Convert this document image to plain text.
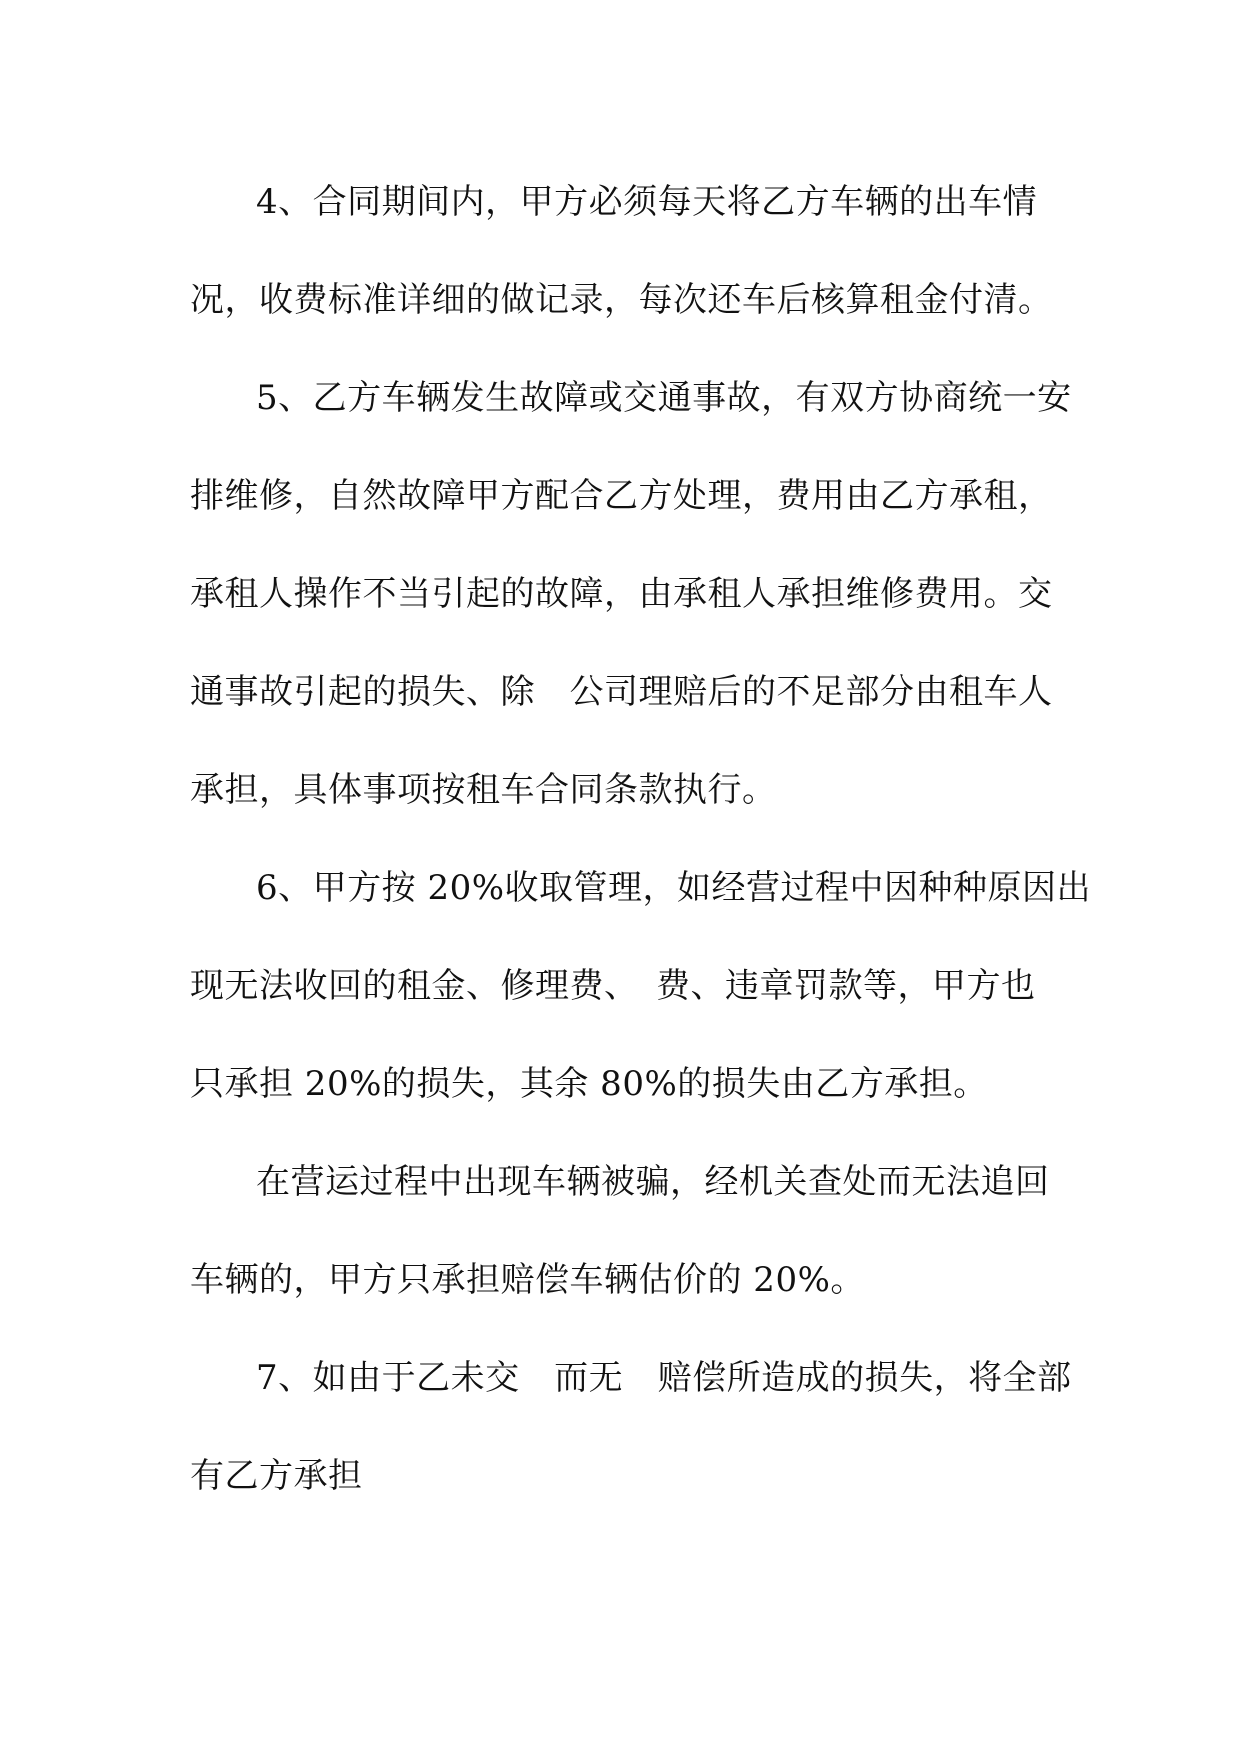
4、合同期间内，甲方必须每天将乙方车辆的出车情
况，收费标准详细的做记录，每次还车后核算租金付清。
5、乙方车辆发生故障或交通事故，有双方协商统一安
排维修，自然故障甲方配合乙方处理，费用由乙方承租，
承租人操作不当引起的故障，由承租人承担维修费用。交
通事故引起的损失、除　公司理赔后的不足部分由租车人
承担，具体事项按租车合同条款执行。
6、甲方按 20%收取管理，如经营过程中因种种原因出
现无法收回的租金、修理费、　费、违章罚款等，甲方也
只承担 20%的损失，其余 80%的损失由乙方承担。
在营运过程中出现车辆被骗，经机关查处而无法追回
车辆的，甲方只承担赔偿车辆估价的 20%。
7、如由于乙未交　而无　赔偿所造成的损失，将全部
有乙方承担
